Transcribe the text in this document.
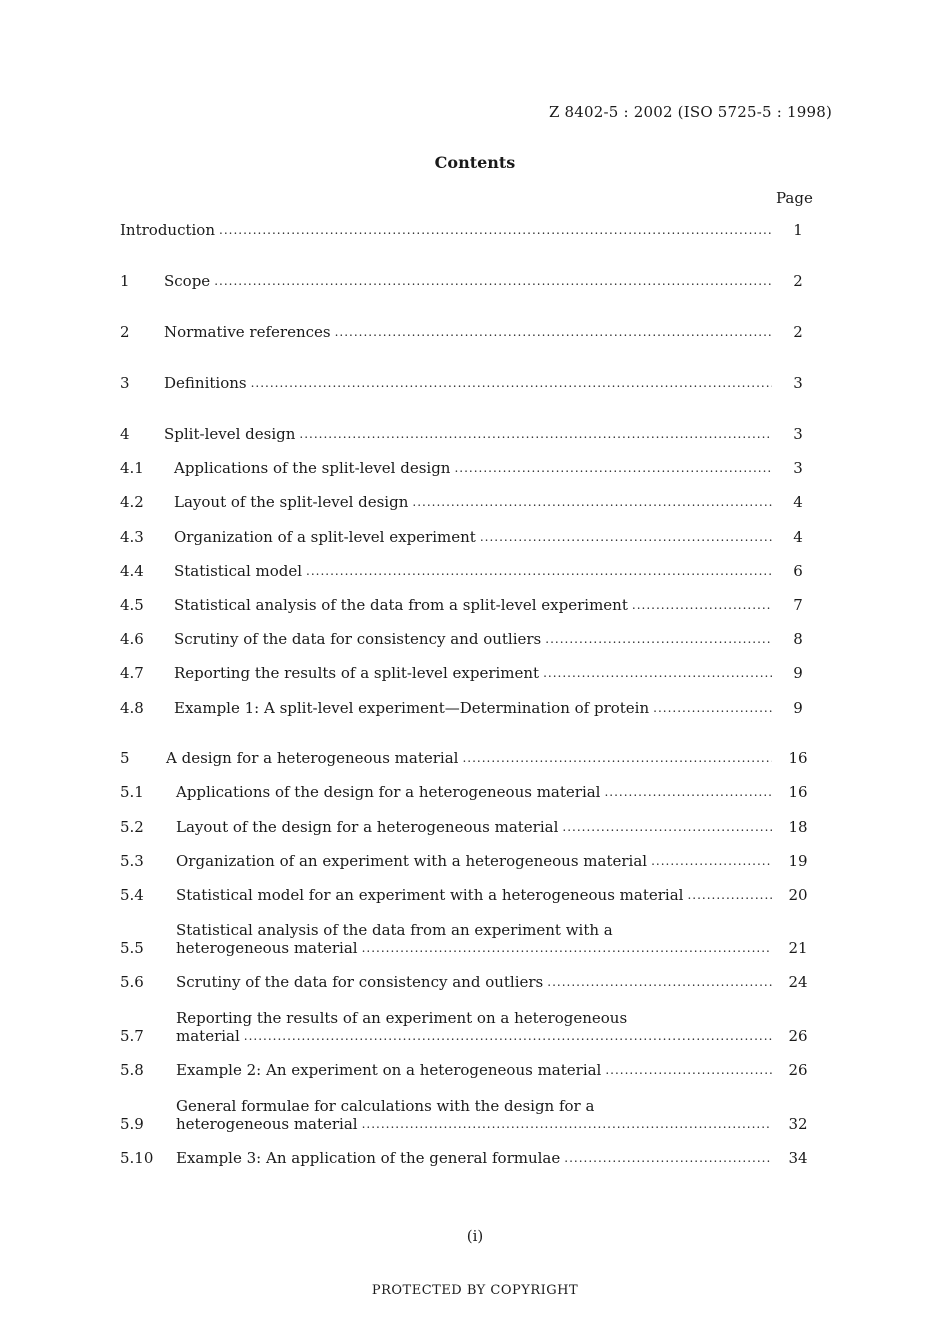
Z 8402-5 : 2002 (ISO 5725-5 : 1998)
Contents
Page
Introduction .....	1
1 Scope .....	2
2 Normative references .....	2
3 Definitions .....	3
4 Split-level design .....	3
4.1 Applications of the split-level design .....	3
4.2 Layout of the split-level design .....	4
4.3 Organization of a split-level experiment .....	4
4.4 Statistical model .....	6
4.5 Statistical analysis of the data from a split-level experiment .....	7
4.6 Scrutiny of the data for consistency and outliers .....	8
4.7 Reporting the results of a split-level experiment .....	9
4.8 Example 1: A split-level experiment—Determination of protein .....	9
5 A design for a heterogeneous material .....	16
5.1 Applications of the design for a heterogeneous material .....	16
5.2 Layout of the design for a heterogeneous material .....	18
5.3 Organization of an experiment with a heterogeneous material .....	19
5.4 Statistical model for an experiment with a heterogeneous material .....	20
5.5
Statistical analysis of the data from an experiment with a
heterogeneous material .....	21
5.6 Scrutiny of the data for consistency and outliers .....	24
5.7
Reporting the results of an experiment on a heterogeneous
material .....	26
5.8 Example 2: An experiment on a heterogeneous material .....	26
5.9
General formulae for calculations with the design for a
heterogeneous material .....	32
5.10 Example 3: An application of the general formulae .....	34
(i)
PROTECTED BY COPYRIGHT
